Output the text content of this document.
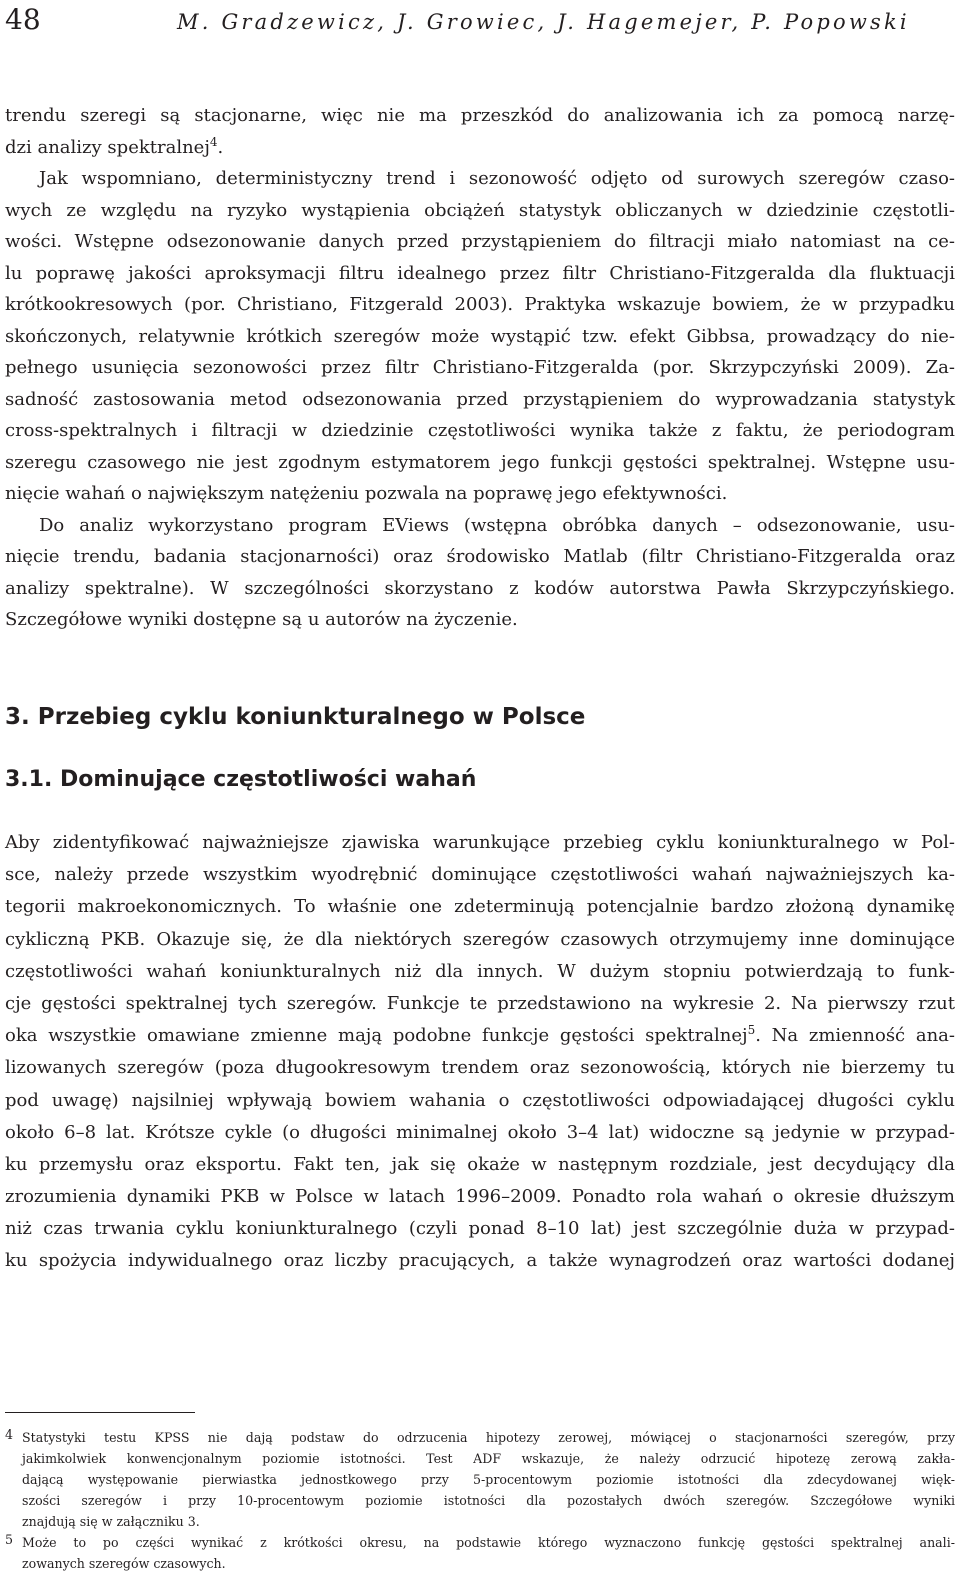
48	M. Gradzewicz, J. Growiec, J. Hagemejer, P. Popowski
trendu szeregi są stacjonarne, więc nie ma przeszkód do analizowania ich za pomocą narzę-
dzi analizy spektralnej$^4$.
Jak wspomniano, deterministyczny trend i sezonowość odjęto od surowych szeregów czaso-
wych ze względu na ryzyko wystąpienia obciążeń statystyk obliczanych w dziedzinie częstotli-
wości. Wstępne odsezonowanie danych przed przystąpieniem do filtracji miało natomiast na ce-
lu poprawę jakości aproksymacji filtru idealnego przez filtr Christiano-Fitzgeralda dla fluktuacji
krótkookresowych (por. Christiano, Fitzgerald 2003). Praktyka wskazuje bowiem, że w przypadku
skończonych, relatywnie krótkich szeregów może wystąpić tzw. efekt Gibbsa, prowadzący do nie-
pełnego usunięcia sezonowości przez filtr Christiano-Fitzgeralda (por. Skrzypczyński 2009). Za-
sadność zastosowania metod odsezonowania przed przystąpieniem do wyprowadzania statystyk
cross-spektralnych i filtracji w dziedzinie częstotliwości wynika także z faktu, że periodogram
szeregu czasowego nie jest zgodnym estymatorem jego funkcji gęstości spektralnej. Wstępne usu-
nięcie wahań o największym natężeniu pozwala na poprawę jego efektywności.
Do analiz wykorzystano program EViews (wstępna obróbka danych – odsezonowanie, usu-
nięcie trendu, badania stacjonarności) oraz środowisko Matlab (filtr Christiano-Fitzgeralda oraz
analizy spektralne). W szczególności skorzystano z kodów autorstwa Pawła Skrzypczyńskiego.
Szczegółowe wyniki dostępne są u autorów na życzenie.
3. Przebieg cyklu koniunkturalnego w Polsce
3.1. Dominujące częstotliwości wahań
Aby zidentyfikować najważniejsze zjawiska warunkujące przebieg cyklu koniunkturalnego w Pol-
sce, należy przede wszystkim wyodrębnić dominujące częstotliwości wahań najważniejszych ka-
tegorii makroekonomicznych. To właśnie one zdeterminują potencjalnie bardzo złożoną dynamikę
cykliczną PKB. Okazuje się, że dla niektórych szeregów czasowych otrzymujemy inne dominujące
częstotliwości wahań koniunkturalnych niż dla innych. W dużym stopniu potwierdzają to funk-
cje gęstości spektralnej tych szeregów. Funkcje te przedstawiono na wykresie 2. Na pierwszy rzut
oka wszystkie omawiane zmienne mają podobne funkcje gęstości spektralnej$^5$. Na zmienność ana-
lizowanych szeregów (poza długookresowym trendem oraz sezonowością, których nie bierzemy tu
pod uwagę) najsilniej wpływają bowiem wahania o częstotliwości odpowiadającej długości cyklu
około 6–8 lat. Krótsze cykle (o długości minimalnej około 3–4 lat) widoczne są jedynie w przypad-
ku przemysłu oraz eksportu. Fakt ten, jak się okaże w następnym rozdziale, jest decydujący dla
zrozumienia dynamiki PKB w Polsce w latach 1996–2009. Ponadto rola wahań o okresie dłuższym
niż czas trwania cyklu koniunkturalnego (czyli ponad 8–10 lat) jest szczególnie duża w przypad-
ku spożycia indywidualnego oraz liczby pracujących, a także wynagrodzeń oraz wartości dodanej
4 Statystyki testu KPSS nie dają podstaw do odrzucenia hipotezy zerowej, mówiącej o stacjonarności szeregów, przy
jakimkolwiek konwencjonalnym poziomie istotności. Test ADF wskazuje, że należy odrzucić hipotezę zerową zakła-
dającą występowanie pierwiastka jednostkowego przy 5-procentowym poziomie istotności dla zdecydowanej więk-
szości szeregów i przy 10-procentowym poziomie istotności dla pozostałych dwóch szeregów. Szczegółowe wyniki
znajdują się w załączniku 3.
5 Może to po części wynikać z krótkości okresu, na podstawie którego wyznaczono funkcję gęstości spektralnej anali-
zowanych szeregów czasowych.
